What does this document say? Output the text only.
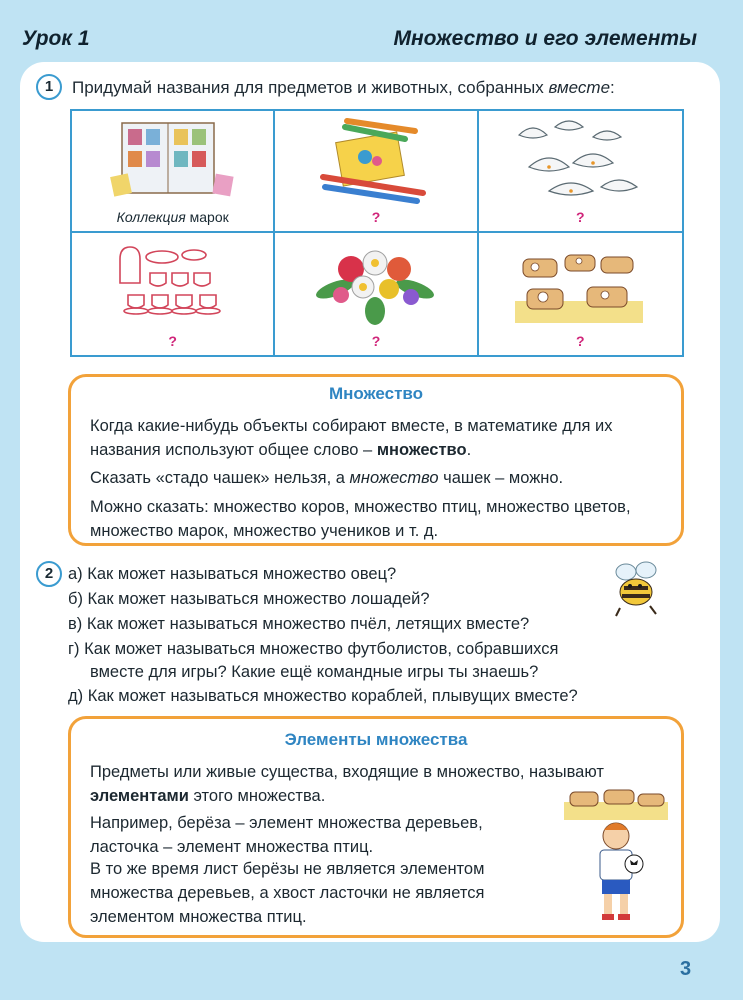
Урок 1	Множество и его элементы
1	Придумай названия для предметов и животных, собранных вместе:
Коллекция марок	?	?
?	?	?
Множество
Когда какие-нибудь объекты собирают вместе, в математике для их названия используют общее слово – множество.
Сказать «стадо чашек» нельзя, а множество чашек – можно.
Можно сказать: множество коров, множество птиц, множество цветов, множество марок, множество учеников и т. д.
2 а) Как может называться множество овец?
б) Как может называться множество лошадей?
в) Как может называться множество пчёл, летящих вместе?
г) Как может называться множество футболистов, собравшихся
вместе для игры? Какие ещё командные игры ты знаешь?
д) Как может называться множество кораблей, плывущих вместе?
Элементы множества
Предметы или живые существа, входящие в множество, называют элементами этого множества.
Например, берёза – элемент множества деревьев, ласточка – элемент множества птиц.
В то же время лист берёзы не является элементом множества деревьев, а хвост ласточки не является элементом множества птиц.
3
